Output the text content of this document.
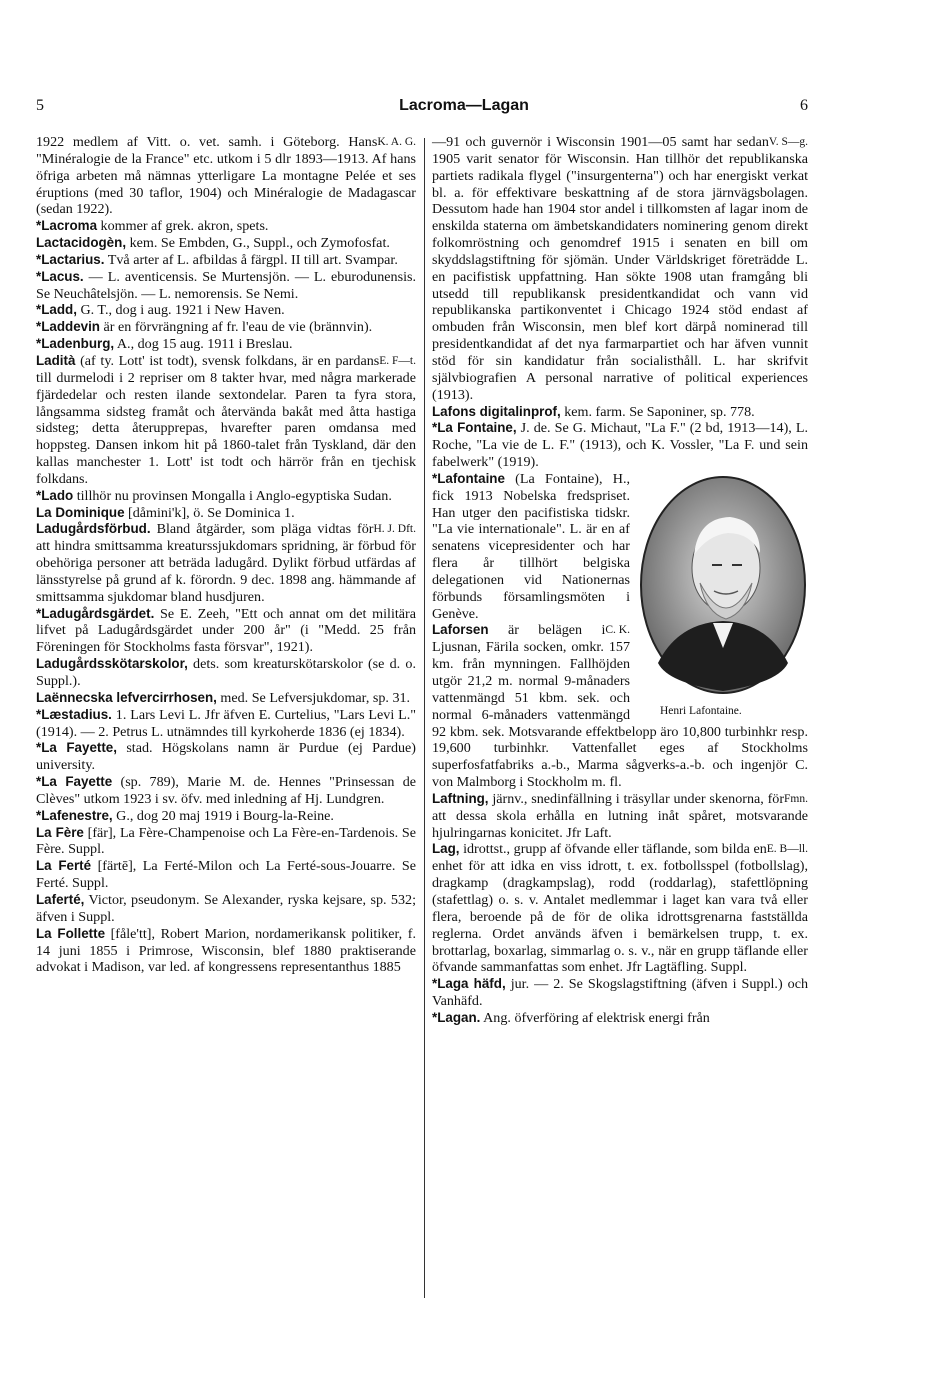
5	Lacroma—Lagan	6

K. A. G.
1922 medlem af Vitt. o. vet. samh. i Göteborg. Hans "Minéralogie de la France" etc. utkom i 5 dlr 1893—1913. Af hans öfriga arbeten må nämnas ytterligare La montagne Pelée et ses éruptions (med 30 taflor, 1904) och Minéralogie de Madagascar (sedan 1922).

*Lacroma kommer af grek. akron, spets.

Lactacidogèn, kem. Se Embden, G., Suppl., och Zymofosfat.

*Lactarius. Två arter af L. afbildas å färgpl. II till art. Svampar.

*Lacus. — L. aventicensis. Se Murtensjön. — L. eburodunensis. Se Neuchâtelsjön. — L. nemorensis. Se Nemi.

*Ladd, G. T., dog i aug. 1921 i New Haven.

*Laddevin är en förvrängning af fr. l'eau de vie (brännvin).

*Ladenburg, A., dog 15 aug. 1911 i Breslau.

E. F—t.
Ladità (af ty. Lott' ist todt), svensk folkdans, är en pardans till durmelodi i 2 repriser om 8 takter hvar, med några markerade fjärdedelar och resten ilande sextondelar. Paren ta fyra stora, långsamma sidsteg framåt och återvända bakåt med åtta hastiga sidsteg; detta återupprepas, hvarefter paren omdansa med hoppsteg. Dansen inkom hit på 1860-talet från Tyskland, där den kallas manchester 1. Lott' ist todt och härrör från en tjechisk folkdans.

*Lado tillhör nu provinsen Mongalla i Anglo-egyptiska Sudan.

La Dominique [dåmini'k], ö. Se Dominica 1.

H. J. Dft.
Ladugårdsförbud. Bland åtgärder, som pläga vidtas för att hindra smittsamma kreaturssjukdomars spridning, är förbud för obehöriga personer att beträda ladugård. Dylikt förbud utfärdas af länsstyrelse på grund af k. förordn. 9 dec. 1898 ang. hämmande af smittsamma sjukdomar bland husdjuren.

*Ladugårdsgärdet. Se E. Zeeh, "Ett och annat om det militära lifvet på Ladugårdsgärdet under 200 år" (i "Medd. 25 från Föreningen för Stockholms fasta försvar", 1921).

Ladugårdsskötarskolor, dets. som kreaturskötarskolor (se d. o. Suppl.).

Laënnecska lefvercirrhosen, med. Se Lefversjukdomar, sp. 31.

*Læstadius. 1. Lars Levi L. Jfr äfven E. Curtelius, "Lars Levi L." (1914). — 2. Petrus L. utnämndes till kyrkoherde 1836 (ej 1834).

*La Fayette, stad. Högskolans namn är Purdue (ej Pardue) university.

*La Fayette (sp. 789), Marie M. de. Hennes "Prinsessan de Clèves" utkom 1923 i sv. öfv. med inledning af Hj. Lundgren.

*Lafenestre, G., dog 20 maj 1919 i Bourg-la-Reine.

La Fère [fär], La Fère-Champenoise och La Fère-en-Tardenois. Se Fère. Suppl.

La Ferté [färtē], La Ferté-Milon och La Ferté-sous-Jouarre. Se Ferté. Suppl.

Laferté, Victor, pseudonym. Se Alexander, ryska kejsare, sp. 532; äfven i Suppl.

La Follette [fåle'tt], Robert Marion, nordamerikansk politiker, f. 14 juni 1855 i Primrose, Wisconsin, blef 1880 praktiserande advokat i Madison, var led. af kongressens representanthus 1885

V. S—g.
—91 och guvernör i Wisconsin 1901—05 samt har sedan 1905 varit senator för Wisconsin. Han tillhör det republikanska partiets radikala flygel ("insurgenterna") och har energiskt verkat bl. a. för effektivare beskattning af de stora järnvägsbolagen. Dessutom hade han 1904 stor andel i tillkomsten af lagar inom de enskilda staterna om ämbetskandidaters nominering genom direkt folkomröstning och genomdref 1915 i senaten en bill om skyddslagstiftning för sjömän. Under Världskriget företrädde L. en pacifistisk uppfattning. Han sökte 1908 utan framgång bli utsedd till republikansk presidentkandidat och vann vid republikanska partikonventet i Chicago 1924 stöd endast af ombuden från Wisconsin, men blef kort därpå nominerad till presidentkandidat af det nya farmarpartiet och har äfven vunnit stöd för sin kandidatur från socialisthåll. L. har skrifvit självbiografien A personal narrative of political experiences (1913).

Lafons digitalinprof, kem. farm. Se Saponiner, sp. 778.

*La Fontaine, J. de. Se G. Michaut, "La F." (2 bd, 1913—14), L. Roche, "La vie de L. F." (1913), och K. Vossler, "La F. und sein fabelwerk" (1919).

Henri Lafontaine.

*Lafontaine (La Fontaine), H., fick 1913 Nobelska fredspriset. Han utger den pacifistiska tidskr. "La vie internationale". L. är en af senatens vicepresidenter och har flera år tillhört belgiska delegationen vid Nationernas förbunds församlingsmöten i Genève.

C. K.
Laforsen är belägen i Ljusnan, Färila socken, omkr. 157 km. från mynningen. Fallhöjden utgör 21,2 m. normal 9-månaders vattenmängd 51 kbm. sek. och normal 6-månaders vattenmängd 92 kbm. sek. Motsvarande effektbelopp äro 10,800 turbinhkr resp. 19,600 turbinhkr. Vattenfallet eges af Stockholms superfosfatfabriks a.-b., Marma sågverks-a.-b. och ingenjör C. von Malmborg i Stockholm m. fl.

Fmn.
Laftning, järnv., snedinfällning i träsyllar under skenorna, för att dessa skola erhålla en lutning inåt spåret, motsvarande hjulringarnas konicitet. Jfr Laft.

E. B—ll.
Lag, idrottst., grupp af öfvande eller täflande, som bilda en enhet för att idka en viss idrott, t. ex. fotbollsspel (fotbollslag), dragkamp (dragkampslag), rodd (roddarlag), stafettlöpning (stafettlag) o. s. v. Antalet medlemmar i laget kan vara två eller flera, beroende på de för de olika idrottsgrenarna fastställda reglerna. Ordet används äfven i bemärkelsen trupp, t. ex. brottarlag, boxarlag, simmarlag o. s. v., när en grupp täflande eller öfvande sammanfattas som enhet. Jfr Lagtäfling. Suppl.

*Laga häfd, jur. — 2. Se Skogslagstiftning (äfven i Suppl.) och Vanhäfd.

*Lagan. Ang. öfverföring af elektrisk energi från
